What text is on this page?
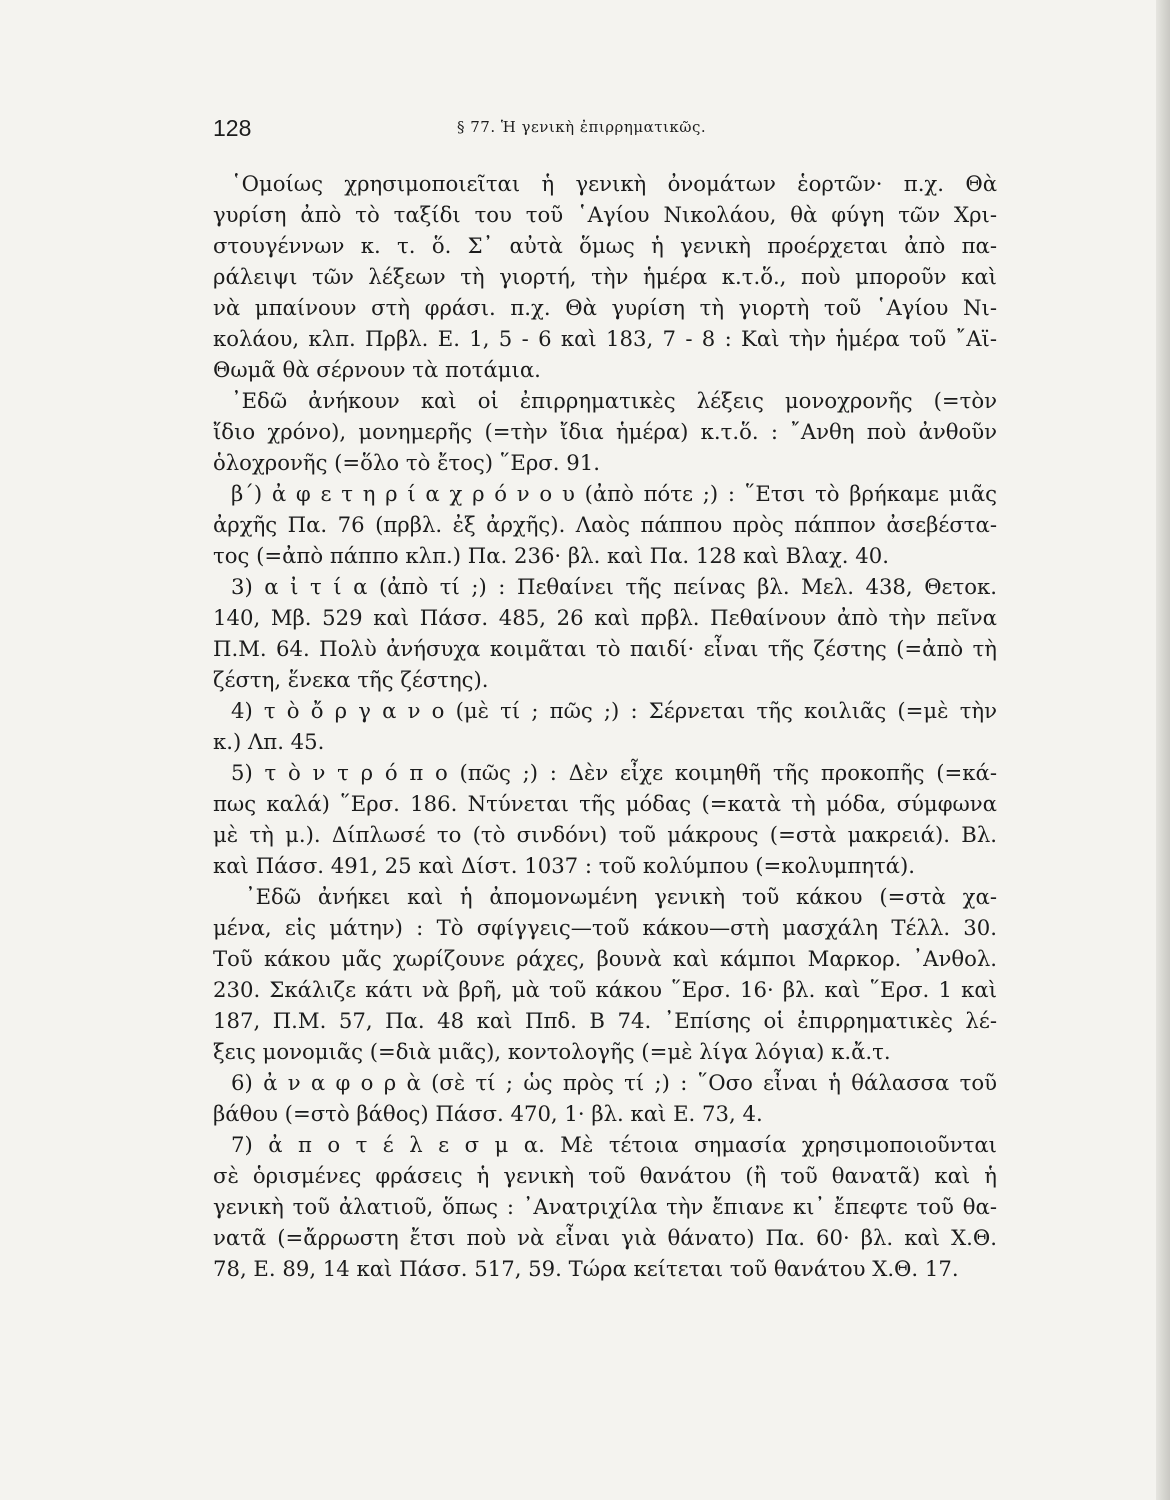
128	§ 77. Ἡ γενικὴ ἐπιρρηματικῶς.
῾Ομοίως χρησιμοποιεῖται ἡ γενικὴ ὀνομάτων ἑορτῶν· π.χ. Θὰ
γυρίση ἀπὸ τὸ ταξίδι του τοῦ ῾Αγίου Νικολάου, θὰ φύγη τῶν Χρι-
στουγέννων κ. τ. ὅ. Σ᾽ αὐτὰ ὅμως ἡ γενικὴ προέρχεται ἀπὸ πα-
ράλειψι τῶν λέξεων τὴ γιορτή, τὴν ἡμέρα κ.τ.ὅ., ποὺ μποροῦν καὶ
νὰ μπαίνουν στὴ φράσι. π.χ. Θὰ γυρίση τὴ γιορτὴ τοῦ ῾Αγίου Νι-
κολάου, κλπ. Πρβλ. Ε. 1, 5 - 6 καὶ 183, 7 - 8 : Καὶ τὴν ἡμέρα τοῦ ῎Αϊ-
Θωμᾶ θὰ σέρνουν τὰ ποτάμια.
᾽Εδῶ ἀνήκουν καὶ οἱ ἐπιρρηματικὲς λέξεις μονοχρονῆς (=τὸν
ἴδιο χρόνο), μονημερῆς (=τὴν ἴδια ἡμέρα) κ.τ.ὅ. : ῎Ανθη ποὺ ἀνθοῦν
ὁλοχρονῆς (=ὅλο τὸ ἔτος) ῞Ερσ. 91.
β΄) ἀ φ ε τ η ρ ί α χ ρ ό ν ο υ (ἀπὸ πότε ;) : ῞Ετσι τὸ βρήκαμε μιᾶς
ἀρχῆς Πα. 76 (πρβλ. ἐξ ἀρχῆς). Λαὸς πάππου πρὸς πάππον ἀσεβέστα-
τος (=ἀπὸ πάππο κλπ.) Πα. 236· βλ. καὶ Πα. 128 καὶ Βλαχ. 40.
3) α ἰ τ ί α (ἀπὸ τί ;) : Πεθαίνει τῆς πείνας βλ. Μελ. 438, Θετοκ.
140, Μβ. 529 καὶ Πάσσ. 485, 26 καὶ πρβλ. Πεθαίνουν ἀπὸ τὴν πεῖνα
Π.Μ. 64. Πολὺ ἀνήσυχα κοιμᾶται τὸ παιδί· εἶναι τῆς ζέστης (=ἀπὸ τὴ
ζέστη, ἕνεκα τῆς ζέστης).
4) τ ὸ ὄ ρ γ α ν ο (μὲ τί ; πῶς ;) : Σέρνεται τῆς κοιλιᾶς (=μὲ τὴν
κ.) Λπ. 45.
5) τ ὸ ν τ ρ ό π ο (πῶς ;) : Δὲν εἶχε κοιμηθῆ τῆς προκοπῆς (=κά-
πως καλά) ῞Ερσ. 186. Ντύνεται τῆς μόδας (=κατὰ τὴ μόδα, σύμφωνα
μὲ τὴ μ.). Δίπλωσέ το (τὸ σινδόνι) τοῦ μάκρους (=στὰ μακρειά). Βλ.
καὶ Πάσσ. 491, 25 καὶ Δίστ. 1037 : τοῦ κολύμπου (=κολυμπητά).
᾽Εδῶ ἀνήκει καὶ ἡ ἀπομονωμένη γενικὴ τοῦ κάκου (=στὰ χα-
μένα, εἰς μάτην) : Τὸ σφίγγεις—τοῦ κάκου—στὴ μασχάλη Τέλλ. 30.
Τοῦ κάκου μᾶς χωρίζουνε ράχες, βουνὰ καὶ κάμποι Μαρκορ. ᾽Ανθολ.
230. Σκάλιζε κάτι νὰ βρῆ, μὰ τοῦ κάκου ῞Ερσ. 16· βλ. καὶ ῞Ερσ. 1 καὶ
187, Π.Μ. 57, Πα. 48 καὶ Ππδ. Β 74. ᾽Επίσης οἱ ἐπιρρηματικὲς λέ-
ξεις μονομιᾶς (=διὰ μιᾶς), κοντολογῆς (=μὲ λίγα λόγια) κ.ἄ.τ.
6) ἀ ν α φ ο ρ ὰ (σὲ τί ; ὡς πρὸς τί ;) : ῞Οσο εἶναι ἡ θάλασσα τοῦ
βάθου (=στὸ βάθος) Πάσσ. 470, 1· βλ. καὶ Ε. 73, 4.
7) ἀ π ο τ έ λ ε σ μ α. Μὲ τέτοια σημασία χρησιμοποιοῦνται
σὲ ὁρισμένες φράσεις ἡ γενικὴ τοῦ θανάτου (ἢ τοῦ θανατᾶ) καὶ ἡ
γενικὴ τοῦ ἀλατιοῦ, ὅπως : ᾽Ανατριχίλα τὴν ἔπιανε κι᾽ ἔπεφτε τοῦ θα-
νατᾶ (=ἄρρωστη ἔτσι ποὺ νὰ εἶναι γιὰ θάνατο) Πα. 60· βλ. καὶ Χ.Θ.
78, Ε. 89, 14 καὶ Πάσσ. 517, 59. Τώρα κείτεται τοῦ θανάτου Χ.Θ. 17.
